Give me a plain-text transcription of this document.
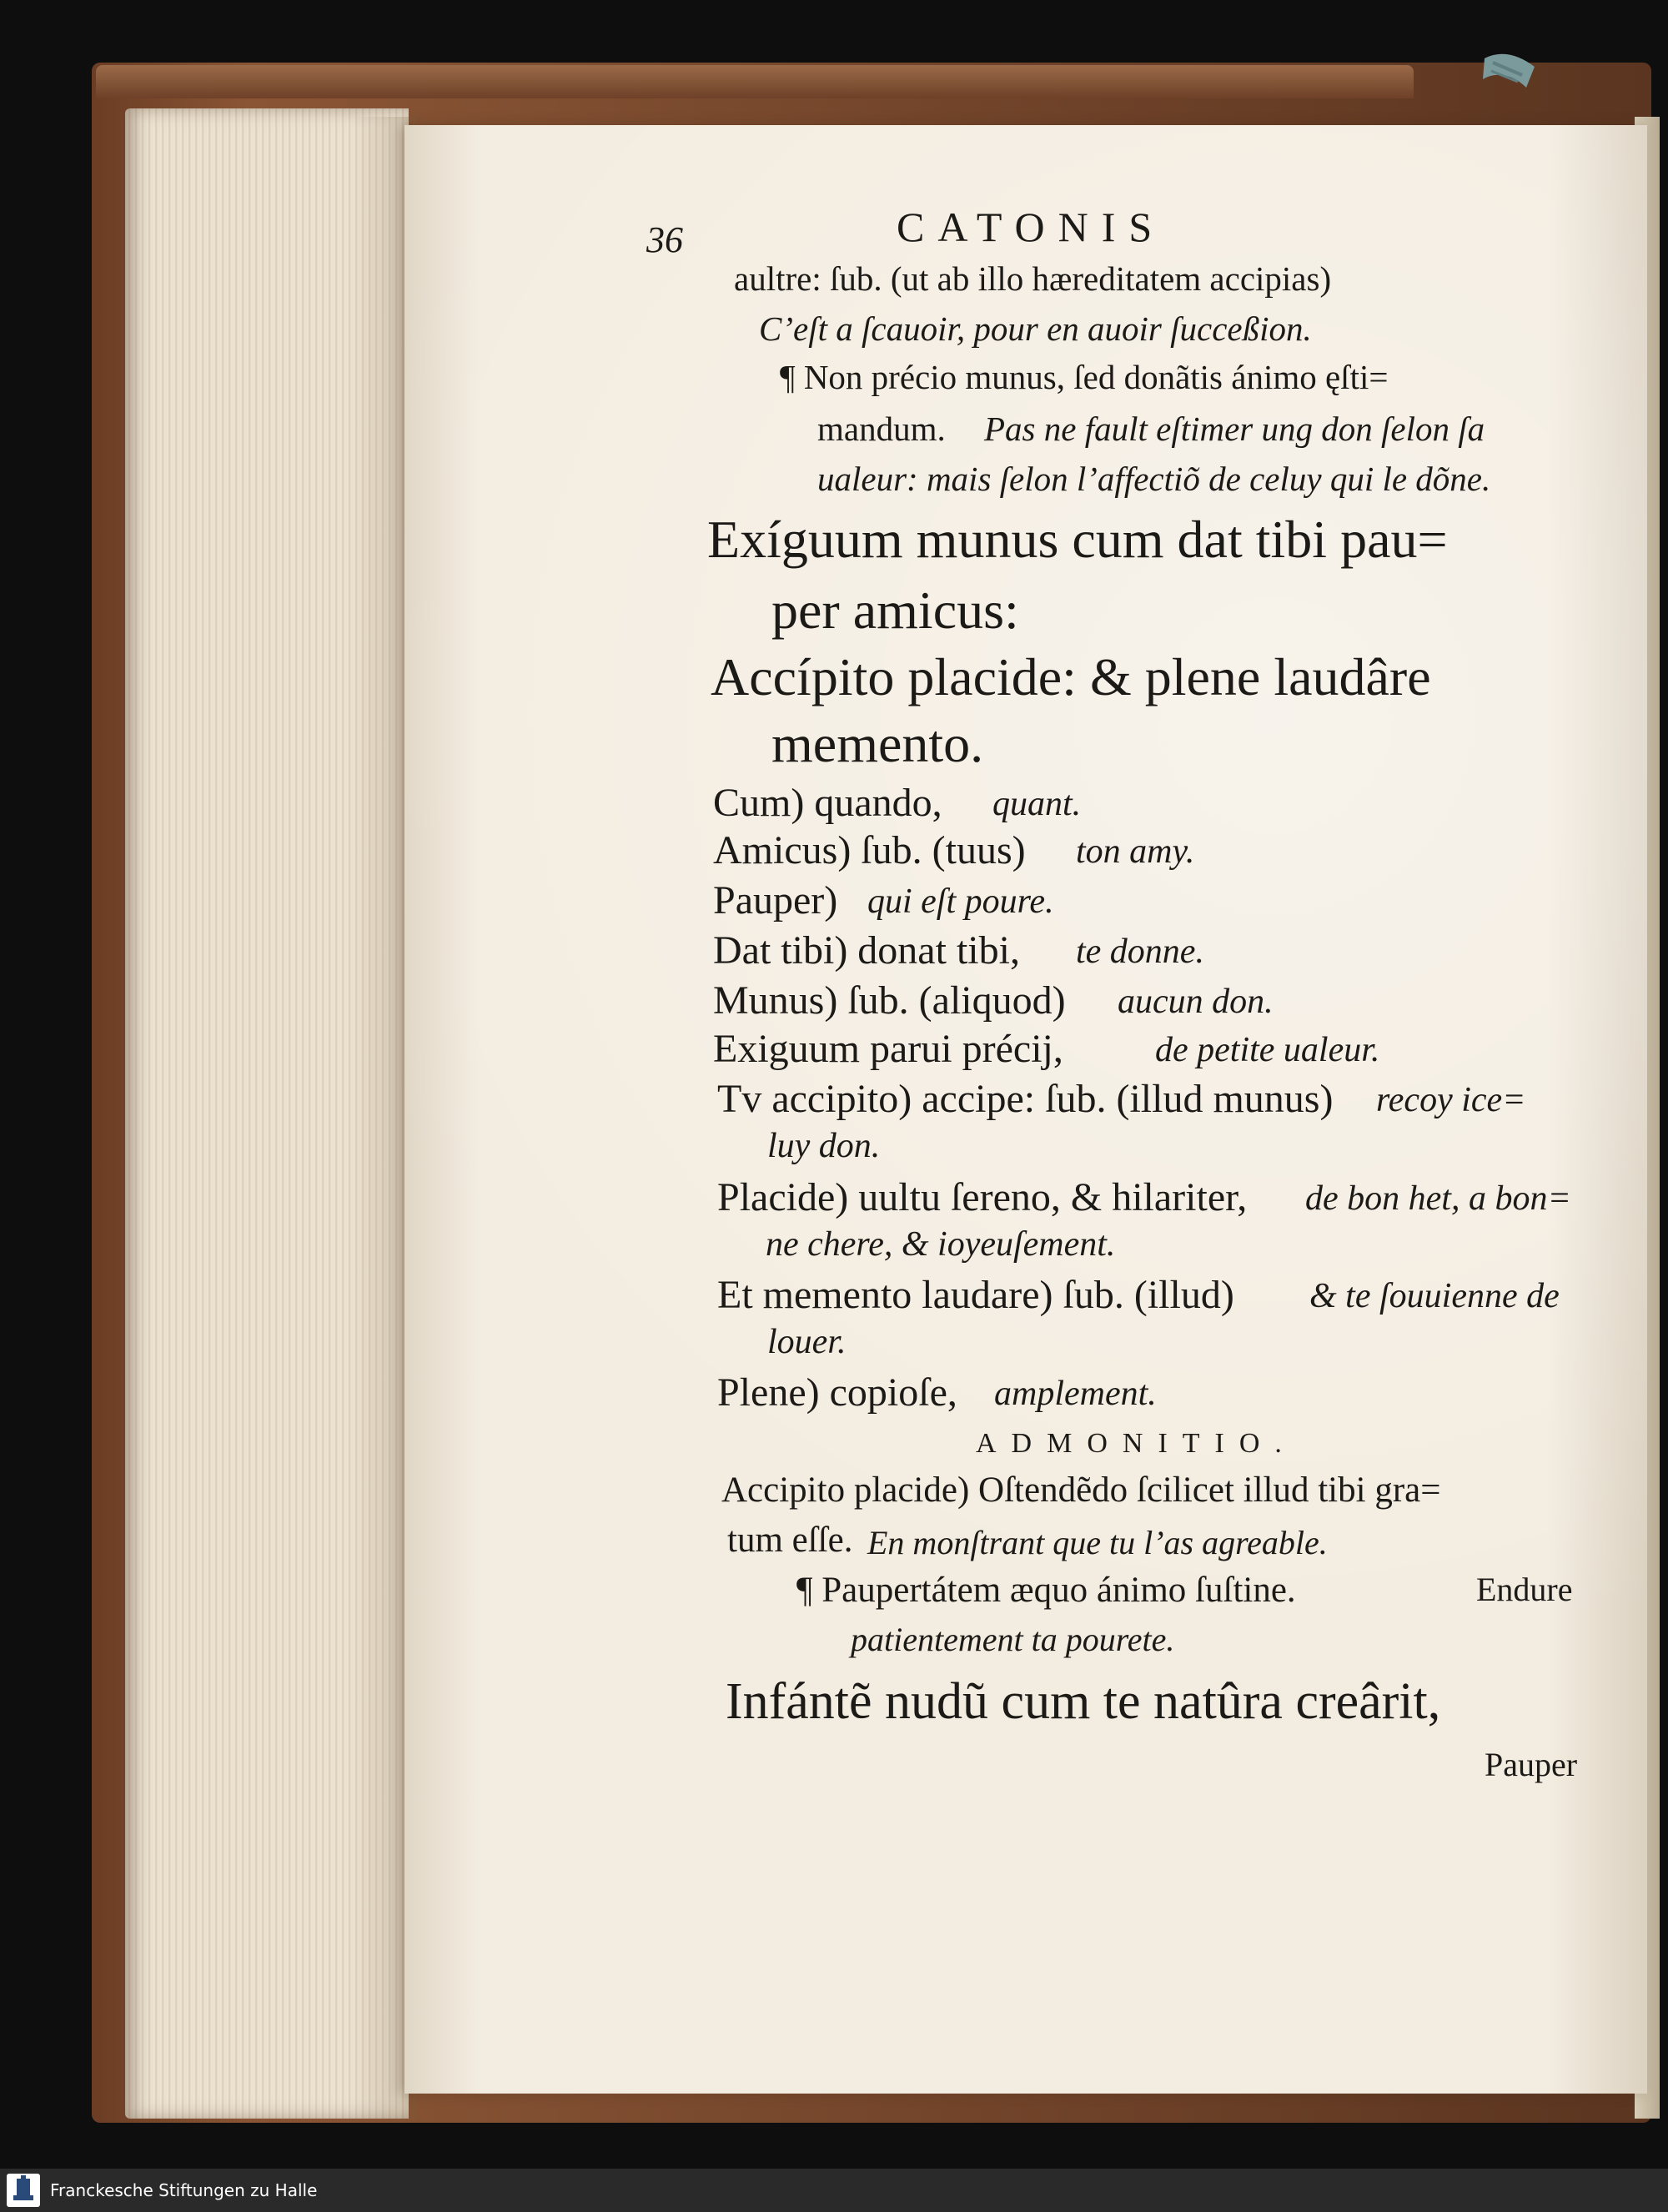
36	CATONIS
aultre: ſub. (ut ab illo hæreditatem accipias)
C’eſt a ſcauoir, pour en auoir ſucceßion.
¶ Non précio munus, ſed donãtis ánimo ęſti=
mandum. Pas ne fault eſtimer ung don ſelon ſa
ualeur: mais ſelon l’affectiõ de celuy qui le dõne.
Exíguum munus cum dat tibi pau=
per amicus:
Accípito placide: & plene laudâre
memento.
Cum) quando, quant.
Amicus) ſub. (tuus) ton amy.
Pauper) qui eſt poure.
Dat tibi) donat tibi, te donne.
Munus) ſub. (aliquod) aucun don.
Exiguum parui précij,	de petite ualeur.
Tv accipito) accipe: ſub. (illud munus) recoy ice=
luy don.
Placide) uultu ſereno, & hilariter, de bon het, a bon=
ne chere, & ioyeuſement.
Et memento laudare) ſub. (illud) & te ſouuienne de
louer.
Plene) copioſe, amplement.
ADMONITIO.
Accipito placide) Oſtendẽdo ſcilicet illud tibi gra=
tum eſſe. En monſtrant que tu l’as agreable.
¶ Paupertátem æquo ánimo ſuſtine.	Endure
patientement ta pourete.
Infántẽ nudũ cum te natûra creârit,
Pauper
Franckesche Stiftungen zu Halle
